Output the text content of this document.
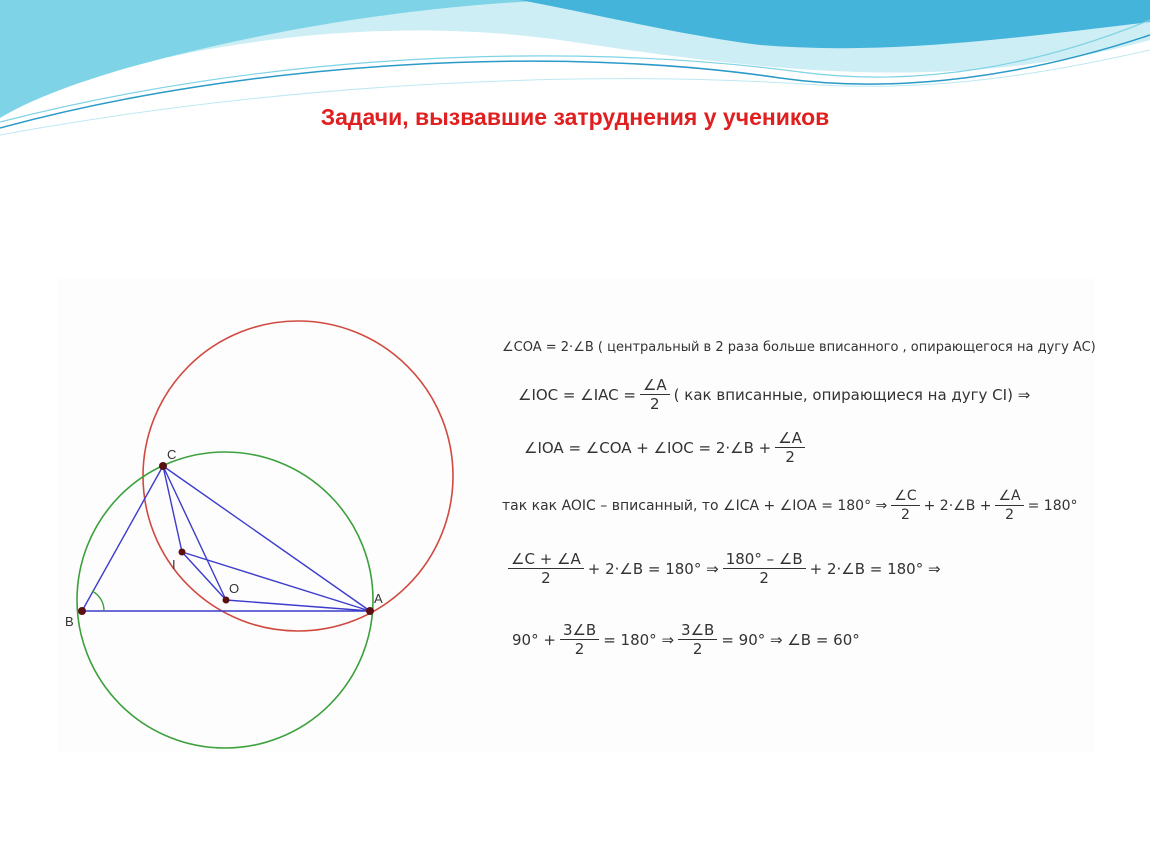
Задачи, вызвавшие затруднения у учеников
C
I
O
B
A
∠COA = 2·∠B ( центральный в 2 раза больше вписанного , опирающегося на дугу AC)
∠IOC = ∠IAC = $\frac{\angle A}{2}$ ( как вписанные, опирающиеся на дугу CI) ⇒
∠IOA = ∠COA + ∠IOC = 2·∠B + $\frac{\angle A}{2}$
так как AOIC – вписанный, то ∠ICA + ∠IOA = 180° ⇒ $\frac{\angle C}{2}$ + 2·∠B + $\frac{\angle A}{2} = 180^\circ$
$\frac{\angle C + \angle A}{2}$ + 2·∠B = 180° ⇒ $\frac{180^\circ - \angle B}{2}$ + 2·∠B = 180° ⇒
$90^\circ + \frac{3\angle B}{2} = 180^\circ$ ⇒ $\frac{3\angle B}{2} = 90^\circ$ ⇒ ∠B = 60°
